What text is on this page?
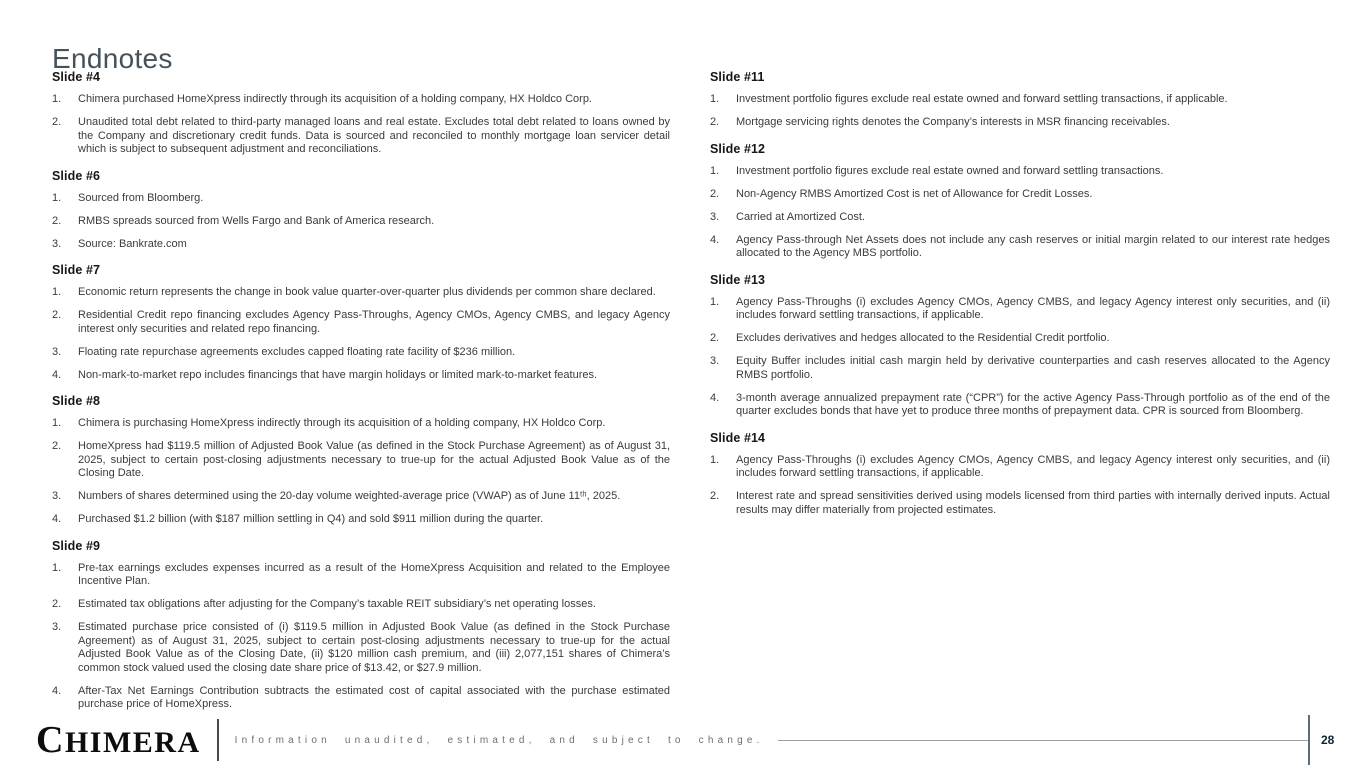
Endnotes
Slide #4
1.	Chimera purchased HomeXpress indirectly through its acquisition of a holding company, HX Holdco Corp.
2.	Unaudited total debt related to third-party managed loans and real estate. Excludes total debt related to loans owned by the Company and discretionary credit funds. Data is sourced and reconciled to monthly mortgage loan servicer detail which is subject to subsequent adjustment and reconciliations.
Slide #6
1.	Sourced from Bloomberg.
2.	RMBS spreads sourced from Wells Fargo and Bank of America research.
3.	Source: Bankrate.com
Slide #7
1.	Economic return represents the change in book value quarter-over-quarter plus dividends per common share declared.
2.	Residential Credit repo financing excludes Agency Pass-Throughs, Agency CMOs, Agency CMBS, and legacy Agency interest only securities and related repo financing.
3.	Floating rate repurchase agreements excludes capped floating rate facility of $236 million.
4.	Non-mark-to-market repo includes financings that have margin holidays or limited mark-to-market features.
Slide #8
1.	Chimera is purchasing HomeXpress indirectly through its acquisition of a holding company, HX Holdco Corp.
2.	HomeXpress had $119.5 million of Adjusted Book Value (as defined in the Stock Purchase Agreement) as of August 31, 2025, subject to certain post-closing adjustments necessary to true-up for the actual Adjusted Book Value as of the Closing Date.
3.	Numbers of shares determined using the 20-day volume weighted-average price (VWAP) as of June 11ᵗʰ, 2025.
4.	Purchased $1.2 billion (with $187 million settling in Q4) and sold $911 million during the quarter.
Slide #9
1.	Pre-tax earnings excludes expenses incurred as a result of the HomeXpress Acquisition and related to the Employee Incentive Plan.
2.	Estimated tax obligations after adjusting for the Company’s taxable REIT subsidiary’s net operating losses.
3.	Estimated purchase price consisted of (i) $119.5 million in Adjusted Book Value (as defined in the Stock Purchase Agreement) as of August 31, 2025, subject to certain post-closing adjustments necessary to true-up for the actual Adjusted Book Value as of the Closing Date, (ii) $120 million cash premium, and (iii) 2,077,151 shares of Chimera’s common stock valued used the closing date share price of $13.42, or $27.9 million.
4.	After-Tax Net Earnings Contribution subtracts the estimated cost of capital associated with the purchase estimated purchase price of HomeXpress.
Slide #11
1.	Investment portfolio figures exclude real estate owned and forward settling transactions, if applicable.
2.	Mortgage servicing rights denotes the Company’s interests in MSR financing receivables.
Slide #12
1.	Investment portfolio figures exclude real estate owned and forward settling transactions.
2.	Non-Agency RMBS Amortized Cost is net of Allowance for Credit Losses.
3.	Carried at Amortized Cost.
4.	Agency Pass-through Net Assets does not include any cash reserves or initial margin related to our interest rate hedges allocated to the Agency MBS portfolio.
Slide #13
1.	Agency Pass-Throughs (i) excludes Agency CMOs, Agency CMBS, and legacy Agency interest only securities, and (ii) includes forward settling transactions, if applicable.
2.	Excludes derivatives and hedges allocated to the Residential Credit portfolio.
3.	Equity Buffer includes initial cash margin held by derivative counterparties and cash reserves allocated to the Agency RMBS portfolio.
4.	3-month average annualized prepayment rate (“CPR”) for the active Agency Pass-Through portfolio as of the end of the quarter excludes bonds that have yet to produce three months of prepayment data. CPR is sourced from Bloomberg.
Slide #14
1.	Agency Pass-Throughs (i) excludes Agency CMOs, Agency CMBS, and legacy Agency interest only securities, and (ii) includes forward settling transactions, if applicable.
2.	Interest rate and spread sensitivities derived using models licensed from third parties with internally derived inputs. Actual results may differ materially from projected estimates.
CHIMERA	Information unaudited, estimated, and subject to change.	28
